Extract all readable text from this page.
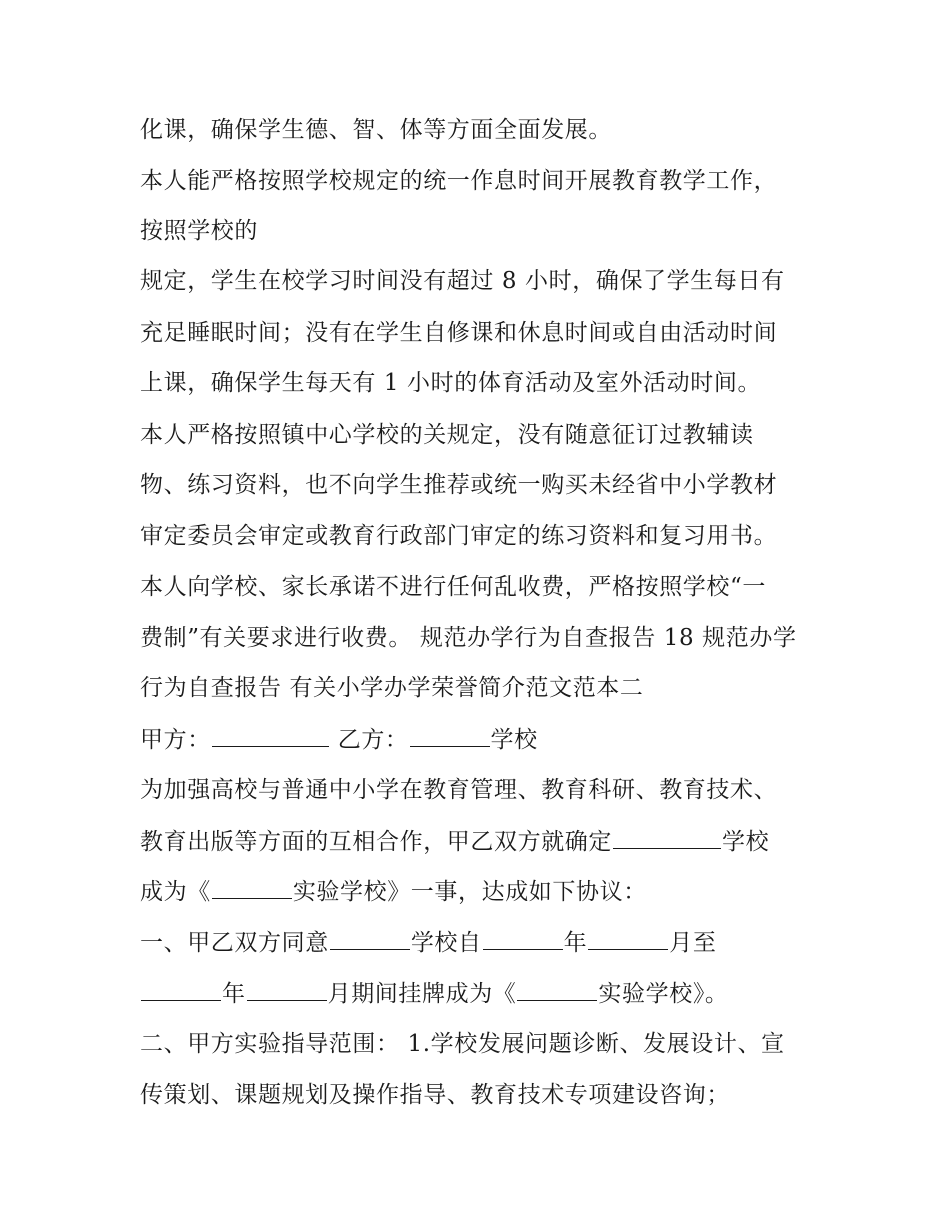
化课，确保学生德、智、体等方面全面发展。
本人能严格按照学校规定的统一作息时间开展教育教学工作，
按照学校的
规定，学生在校学习时间没有超过 8 小时，确保了学生每日有
充足睡眠时间；没有在学生自修课和休息时间或自由活动时间
上课，确保学生每天有 1 小时的体育活动及室外活动时间。
本人严格按照镇中心学校的关规定，没有随意征订过教辅读
物、练习资料，也不向学生推荐或统一购买未经省中小学教材
审定委员会审定或教育行政部门审定的练习资料和复习用书。
本人向学校、家长承诺不进行任何乱收费，严格按照学校“一
费制”有关要求进行收费。 规范办学行为自查报告 18 规范办学
行为自查报告 有关小学办学荣誉简介范文范本二
甲方：	乙方：	学校
为加强高校与普通中小学在教育管理、教育科研、教育技术、
教育出版等方面的互相合作，甲乙双方就确定	学校
成为《	实验学校》一事，达成如下协议：
一、甲乙双方同意	学校自	年	月至
年	月期间挂牌成为《	实验学校》。
二、甲方实验指导范围： 1.学校发展问题诊断、发展设计、宣
传策划、课题规划及操作指导、教育技术专项建设咨询；
